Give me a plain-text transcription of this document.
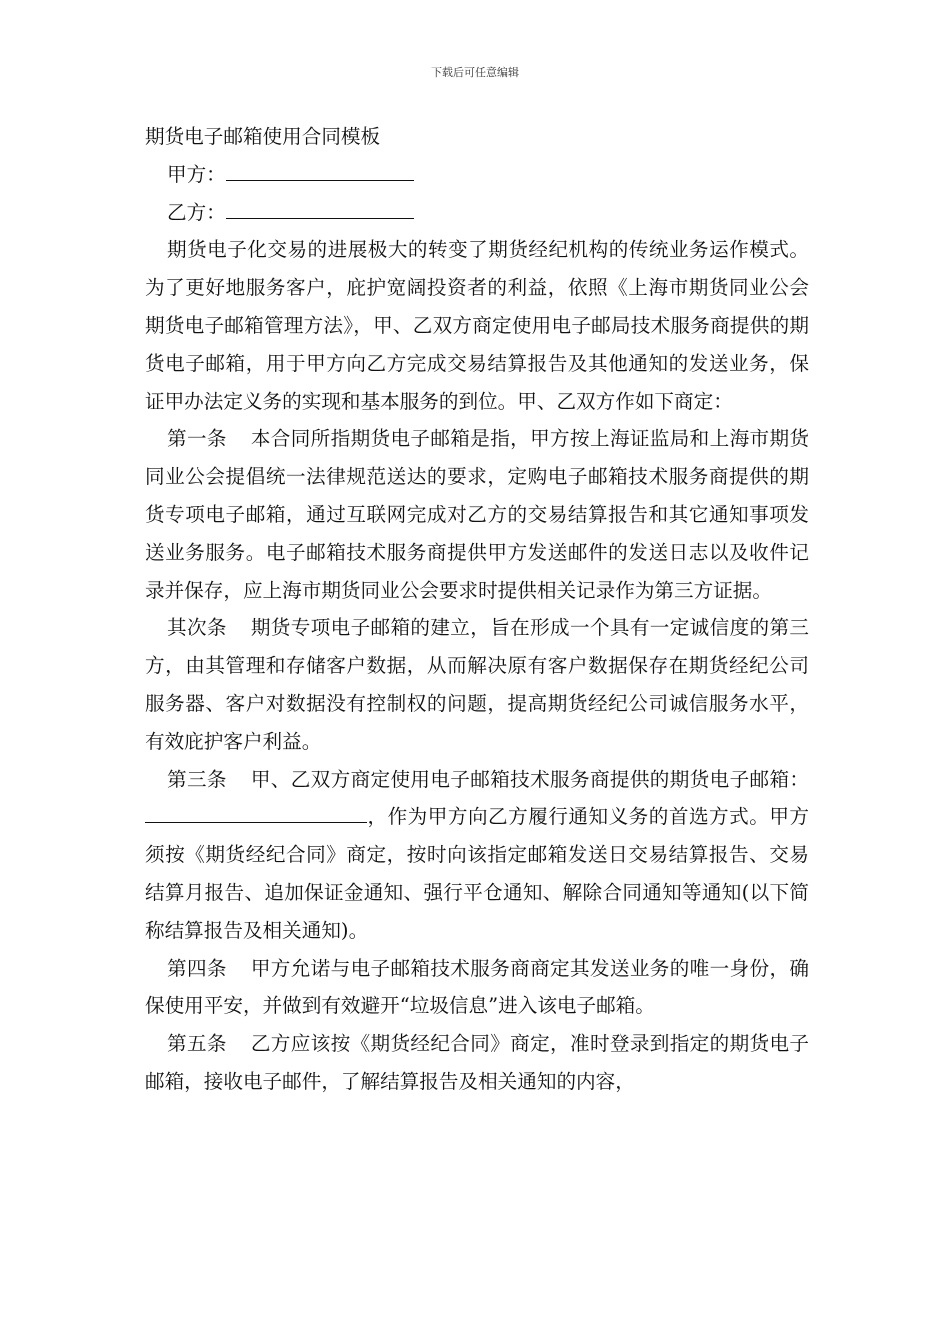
下载后可任意编辑

期货电子邮箱使用合同模板

甲方：

乙方：

期货电子化交易的进展极大的转变了期货经纪机构的传统业务运作模式。为了更好地服务客户，庇护宽阔投资者的利益，依照《上海市期货同业公会期货电子邮箱管理方法》，甲、乙双方商定使用电子邮局技术服务商提供的期货电子邮箱，用于甲方向乙方完成交易结算报告及其他通知的发送业务，保证甲办法定义务的实现和基本服务的到位。甲、乙双方作如下商定：

第一条 本合同所指期货电子邮箱是指，甲方按上海证监局和上海市期货同业公会提倡统一法律规范送达的要求，定购电子邮箱技术服务商提供的期货专项电子邮箱，通过互联网完成对乙方的交易结算报告和其它通知事项发送业务服务。电子邮箱技术服务商提供甲方发送邮件的发送日志以及收件记录并保存，应上海市期货同业公会要求时提供相关记录作为第三方证据。

其次条 期货专项电子邮箱的建立，旨在形成一个具有一定诚信度的第三方，由其管理和存储客户数据，从而解决原有客户数据保存在期货经纪公司服务器、客户对数据没有控制权的问题，提高期货经纪公司诚信服务水平，有效庇护客户利益。

第三条 甲、乙双方商定使用电子邮箱技术服务商提供的期货电子邮箱：，作为甲方向乙方履行通知义务的首选方式。甲方须按《期货经纪合同》商定，按时向该指定邮箱发送日交易结算报告、交易结算月报告、追加保证金通知、强行平仓通知、解除合同通知等通知(以下简称结算报告及相关通知)。

第四条 甲方允诺与电子邮箱技术服务商商定其发送业务的唯一身份，确保使用平安，并做到有效避开“垃圾信息”进入该电子邮箱。

第五条 乙方应该按《期货经纪合同》商定，准时登录到指定的期货电子邮箱，接收电子邮件，了解结算报告及相关通知的内容，
